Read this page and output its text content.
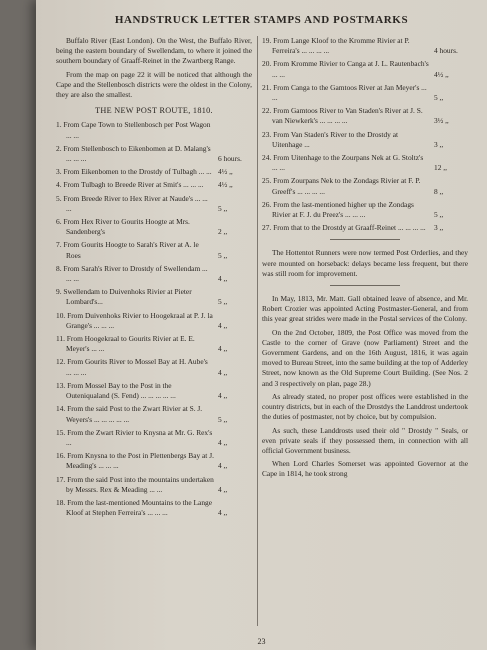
HANDSTRUCK LETTER STAMPS AND POSTMARKS

Buffalo River (East London). On the West, the Buffalo River, being the eastern boundary of Swellendam, to where it joined the southern boundary of Graaff-Reinet in the Zwartberg Range.

From the map on page 22 it will be noticed that although the Cape and the Stellenbosch districts were the oldest in the Colony, they are also the smallest.

THE NEW POST ROUTE, 1810.
1. From Cape Town to Stellenbosch per Post Wagon ... ...
2. From Stellenbosch to Eikenbomen at D. Malang's ... ... ...	6 hours.
3. From Eikenbomen to the Drostdy of Tulbagh ... ... 4½ ,,
4. From Tulbagh to Breede River at Smit's ... ... ...	4½ ,,
5. From Breede River to Hex River at Naude's ... ... ...	5 ,,
6. From Hex River to Gourits Hoogte at Mrs. Sandenberg's	2 ,,
7. From Gourits Hoogte to Sarah's River at A. le Roes	5 ,,
8. From Sarah's River to Drostdy of Swellendam ... ... ...	4 ,,
9. Swellendam to Duivenhoks Rivier at Pieter Lombard's...	5 ,,
10. From Duivenhoks Rivier to Hoogekraal at P. J. la Grange's ... ... ...	4 ,,
11. From Hoogekraal to Gourits Rivier at E. E. Meyer's ... ...	4 ,,
12. From Gourits River to Mossel Bay at H. Aube's ... ... ...	4 ,,
13. From Mossel Bay to the Post in the Outeniqualand (S. Fend) ... ... ... ... ...	4 ,,
14. From the said Post to the Zwart Rivier at S. J. Weyers's ... ... ... ... ...	5 ,,
15. From the Zwart Rivier to Knysna at Mr. G. Rex's ...	4 ,,
16. From Knysna to the Post in Plettenbergs Bay at J. Meading's ... ... ...	4 ,,
17. From the said Post into the mountains undertaken by Messrs. Rex & Meading ... ...	4 ,,
18. From the last-mentioned Mountains to the Lange Kloof at Stephen Ferreira's ... ... ...	4 ,,
19. From Lange Kloof to the Kromme Rivier at P. Ferreira's ... ... ... ...	4 hours.
20. From Kromme Rivier to Canga at J. L. Rautenbach's ... ...	4½ ,,
21. From Canga to the Gamtoos River at Jan Meyer's ... ...	5 ,,
22. From Gamtoos River to Van Staden's River at J. S. van Niewkerk's ... ... ... ...	3½ ,,
23. From Van Staden's River to the Drostdy at Uitenhage ...	3 ,,
24. From Uitenhage to the Zourpans Nek at G. Stoltz's ... ...	12 ,,
25. From Zourpans Nek to the Zondags Rivier at F. P. Greeff's ... ... ... ...	8 ,,
26. From the last-mentioned higher up the Zondags Rivier at F. J. du Preez's ... ... ...	5 ,,
27. From that to the Drostdy at Graaff-Reinet ... ... ... ...	3 ,,

The Hottentot Runners were now termed Post Orderlies, and they were mounted on horseback: delays became less frequent, but there was still room for improvement.

In May, 1813, Mr. Matt. Gall obtained leave of absence, and Mr. Robert Crozier was appointed Acting Postmaster-General, and from this year great strides were made in the Postal services of the Colony.

On the 2nd October, 1809, the Post Office was moved from the Castle to the corner of Grave (now Parliament) Street and the Government Gardens, and on the 16th August, 1816, it was again moved to Bureau Street, into the same building at the top of Adderley Street, now known as the Old Supreme Court Building. (See Nos. 2 and 3 respectively on plan, page 28.)

As already stated, no proper post offices were established in the country districts, but in each of the Drostdys the Landdrost undertook the duties of postmaster, not by choice, but by compulsion.

As such, these Landdrosts used their old " Drostdy " Seals, or even private seals if they possessed them, in connection with all official Government business.

When Lord Charles Somerset was appointed Governor at the Cape in 1814, he took strong

23
